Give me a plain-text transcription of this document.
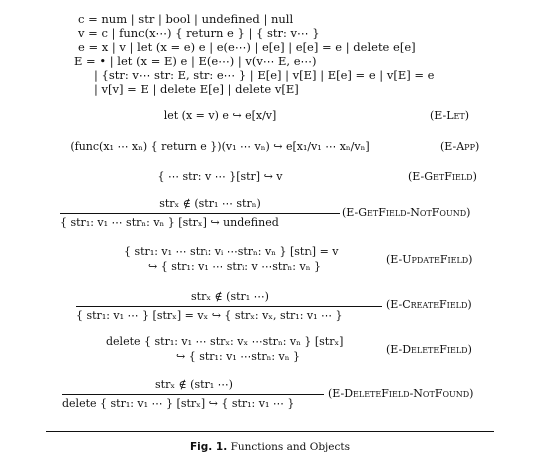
c = num | str | bool | undefined | null
v = c | func(x⋯) { return e } | { str: v⋯ }
e = x | v | let (x = e) e | e(e⋯) | e[e] | e[e] = e | delete e[e]
E = • | let (x = E) e | E(e⋯) | v(v⋯ E, e⋯)
| {str: v⋯ str: E, str: e⋯ } | E[e] | v[E] | E[e] = e | v[E] = e
| v[v] = E | delete E[e] | delete v[E]
let (x = v) e ↪ e[x/v]	(E-Let)
(func(x₁ ⋯ xₙ) { return e })(v₁ ⋯ vₙ) ↪ e[x₁/v₁ ⋯ xₙ/vₙ]	(E-App)
{ ⋯ str: v ⋯ }[str] ↪ v	(E-GetField)
strₓ ∉ (str₁ ⋯ strₙ)
{ str₁: v₁ ⋯ strₙ: vₙ } [strₓ] ↪ undefined
(E-GetField-NotFound)
{ str₁: v₁ ⋯ strᵢ: vᵢ ⋯strₙ: vₙ } [strᵢ] = v
↪ { str₁: v₁ ⋯ strᵢ: v ⋯strₙ: vₙ }
(E-UpdateField)
strₓ ∉ (str₁ ⋯)
{ str₁: v₁ ⋯ } [strₓ] = vₓ ↪ { strₓ: vₓ, str₁: v₁ ⋯ }
(E-CreateField)
delete { str₁: v₁ ⋯ strₓ: vₓ ⋯strₙ: vₙ } [strₓ]
↪ { str₁: v₁ ⋯strₙ: vₙ }
(E-DeleteField)
strₓ ∉ (str₁ ⋯)
delete { str₁: v₁ ⋯ } [strₓ] ↪ { str₁: v₁ ⋯ }
(E-DeleteField-NotFound)
Fig. 1. Functions and Objects
